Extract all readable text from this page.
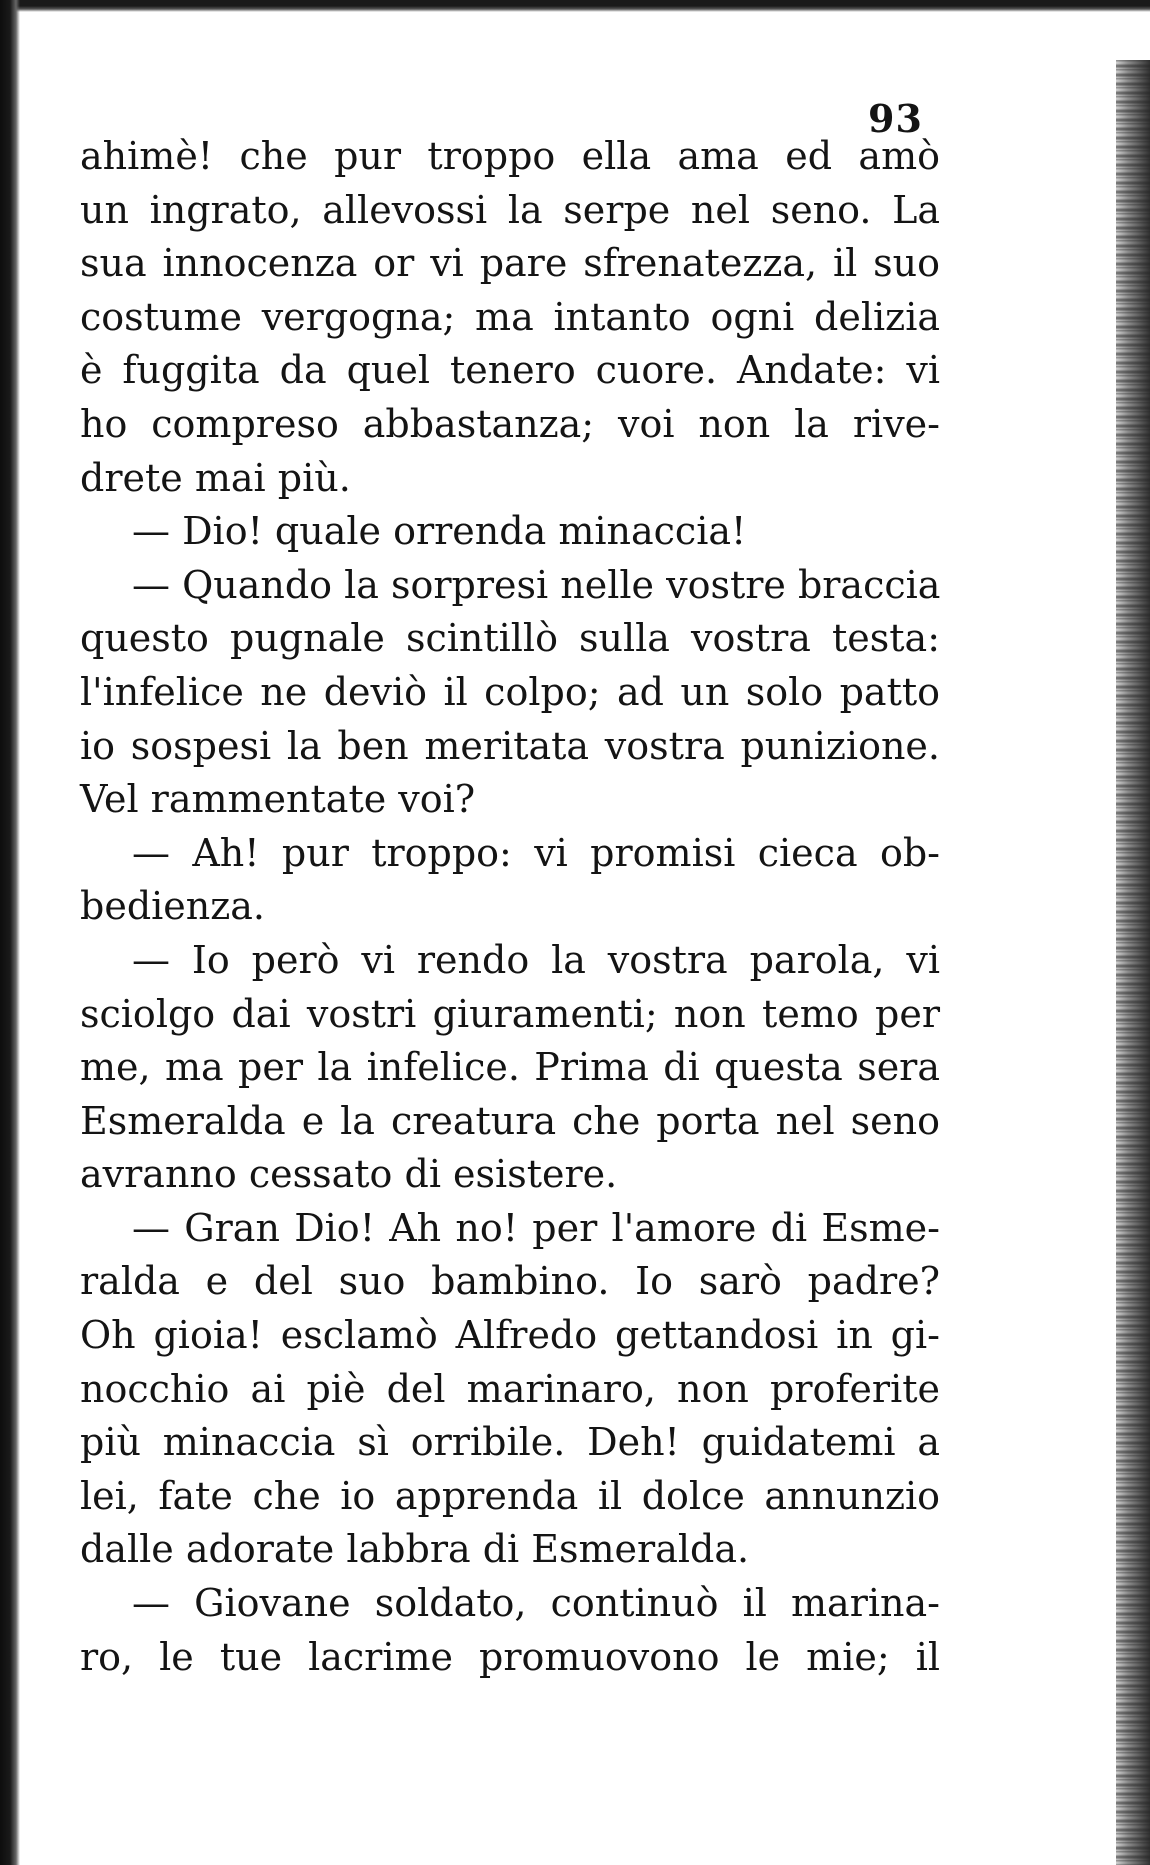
93
ahimè! che pur troppo ella ama ed amò
un ingrato, allevossi la serpe nel seno. La
sua innocenza or vi pare sfrenatezza, il suo
costume vergogna; ma intanto ogni delizia
è fuggita da quel tenero cuore. Andate: vi
ho compreso abbastanza; voi non la rive-
drete mai più.
— Dio! quale orrenda minaccia!
— Quando la sorpresi nelle vostre braccia
questo pugnale scintillò sulla vostra testa:
l'infelice ne deviò il colpo; ad un solo patto
io sospesi la ben meritata vostra punizione.
Vel rammentate voi?
— Ah! pur troppo: vi promisi cieca ob-
bedienza.
— Io però vi rendo la vostra parola, vi
sciolgo dai vostri giuramenti; non temo per
me, ma per la infelice. Prima di questa sera
Esmeralda e la creatura che porta nel seno
avranno cessato di esistere.
— Gran Dio! Ah no! per l'amore di Esme-
ralda e del suo bambino. Io sarò padre?
Oh gioia! esclamò Alfredo gettandosi in gi-
nocchio ai piè del marinaro, non proferite
più minaccia sì orribile. Deh! guidatemi a
lei, fate che io apprenda il dolce annunzio
dalle adorate labbra di Esmeralda.
— Giovane soldato, continuò il marina-
ro, le tue lacrime promuovono le mie; il
